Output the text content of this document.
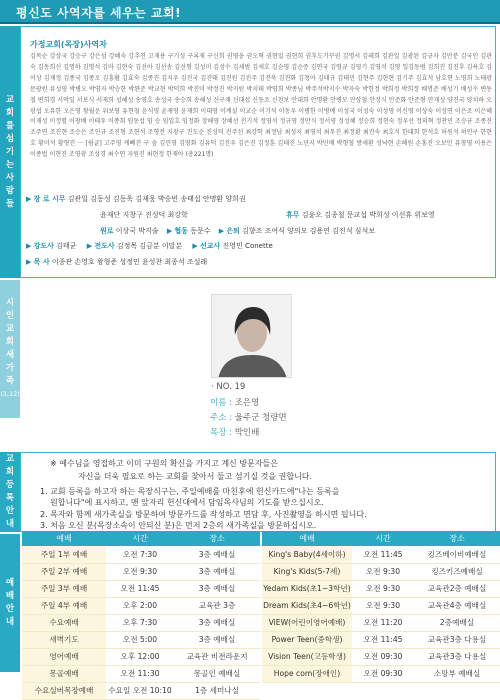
평신도 사역자를 세우는 교회!
교
회
를
섬
기
는
사
람
들
가정교회(목장)사역자
김목순 강상국 강승구 강은섬 강혜숙 강추진 고재용 구기성 구록재 구신희 권영웅 권오혁 권현일 권현희 권후도기꾸권 김명서 김레희 김관일 김광된 김규자 김만분 김국인 김관숙 김동희신 김명하 김명석 김마 김현숙 김선아 김선송 김선형 김성미 김성수 김세범 김세호 김순영 김순증 김연국 김영규 김영기 김영석 김영 일김동범 김희진 김진후 김욕호 김이상 김재정 김종국 김종오 김흥활 김효숙 김종진 김지우 김진국 김진태 김진원 김진주 김진욱 김진화 김청아 김태규 김태민 김현주 김현현 김기주 김효석 남호현 노영희 노태광 문광원 류성영 박병오 박영자 박승한 박완준 박교현 박덕희 박진미 박정진 박지원 박지태 박영희 박종님 박주석박지수 박자숙 박헌정 박희정 박희정 배명준 배성기 배성수 변동철 변희경 서막일 서보식 서재희 성혜성 송영호 송성국 송승희 송해성 신구재 신대섭 신동조 신천보 안대희 안명환 안병모 안상철 안정식 안준화 안준형 안재성 양진국 양치하 오광섭 오유한 오은영 왕월운 위보영 유현철 윤석영 윤재영 윤재희 이대영 이계설 이교순 이기석 이동우 이병한 이병예 이성국 이성숙 이성영 이신영 이상숙 이성연 이은조 이은혜 이재성 이정렬 이창배 이태우 이종회 임동섭 임 승 임일호 임정화 장해영 장혜선 전기석 정영석 정규영 정만식 정서영 정성혜 정승희 정현숙 정우선 정의혁 정찬민 조승균 조종진 조주연 조진현 조승은 조인규 조진형 조현석 조형전 지창구 진도순 진성덕 진주선 최강학 최정남 최성지 최영석 최우진 최정환 최진숙 최호식 한대희 한석호 허원석 허인구 한현호 황미석 황형진 ㅡ [쉼글] 고주영 케빼진 구 숲 김민영 김영화 김유덕 김진우 김은진 김정훈 김태진 노민지 박민배 박형철 방세환 성낙현 손혜원 손홍진 오보민 유창영 이용은 이종법 이현진 조영광 조성경 최수연 지원진 최현정 한재아 (총221명)
▶ 장 로 시무 김관일 김동성 김동욱 김재웅 박승빈 송태섭 안명환 양희권
윤재단 지창구 진성덕 최강학	휴무 김윤오 김종철 문교섭 박희성 이선휴 위보영
원로 이상국 박지술 ▶ 협동 동문수 ▶ 은퇴 김향조 조여식 양의모 김용연 김진석 심석보
▶ 강도사 김태균 ▶ 전도사 김정목 김금분 이말분 ▶ 선교사 진영민 Conette
▶ 목 사 이종관 손영호 왕형준 성정민 윤성찬 최종석 조설래
시
인
교
회
새
가
족
(3,12)
· NO. 19
이름 : 조은영
주소 : 울주군 청량면
목장 : 박인배
교
회
등
록
안
내
※ 예수님을 영접하고 이미 구원의 확신을 가지고 계신 방문자들은
자신을 더욱 필요로 하는 교회를 찾아서 둘고 섬기실 것을 권합니다.
1. 교회 등록을 하고자 하는 목장식구는, 주일예배를 마친후에 헌신카드에"나는 등록을
원합니다"에 표시하고, 맨 앞자리 헌신대에서 담임목사님의 기도를 받으십시오.
2. 목자와 함께 새가족실을 방문하여 방문카드를 작성하고 면담 후, 사진촬영을 하시면 됩니다.
3. 처음 오신 분(목장소속이 안되신 분)은 먼저 2층의 새가족실을 방문하십시오.
예
배
안
내
예배	시간	장소
주일 1부 예배	오전 7:30	3층 예배실
주일 2부 예배	오전 9:30	3층 예배실
주일 3부 예배	오전 11:45	3층 예배실
주일 4부 예배	오후 2:00	교육관 3층
수요예배	오후 7:30	3층 예배실
새벽기도	오전 5:00	3층 예배실
영어예배	오후 12:00	교육관 비전라운지
몽골예배	오전 11:30	몽골인 예배실
수요실버목장예배	수요일 오전 10:10	1층 세미나실
예배	시간	장소
King's Baby(4세이하)	오전 11:45	킹즈베이비예배실
King's Kids(5-7세)	오전 9:30	킹즈키즈예배실
Yedam Kids(초1~3학년)	오전 9:30	교육관2층 예배실
Dream Kids(초4~6학년)	오전 9:30	교육관4층 예배실
ViEW(어린이영어예배)	오전 11:20	2층예배실
Power Teen(중학생)	오전 11:45	교육관3층 다용실
Vision Teen(고등학생)	오전 09:30	교육관3층 다용실
Hope com(장애인)	오전 09:30	소망부 예배실
